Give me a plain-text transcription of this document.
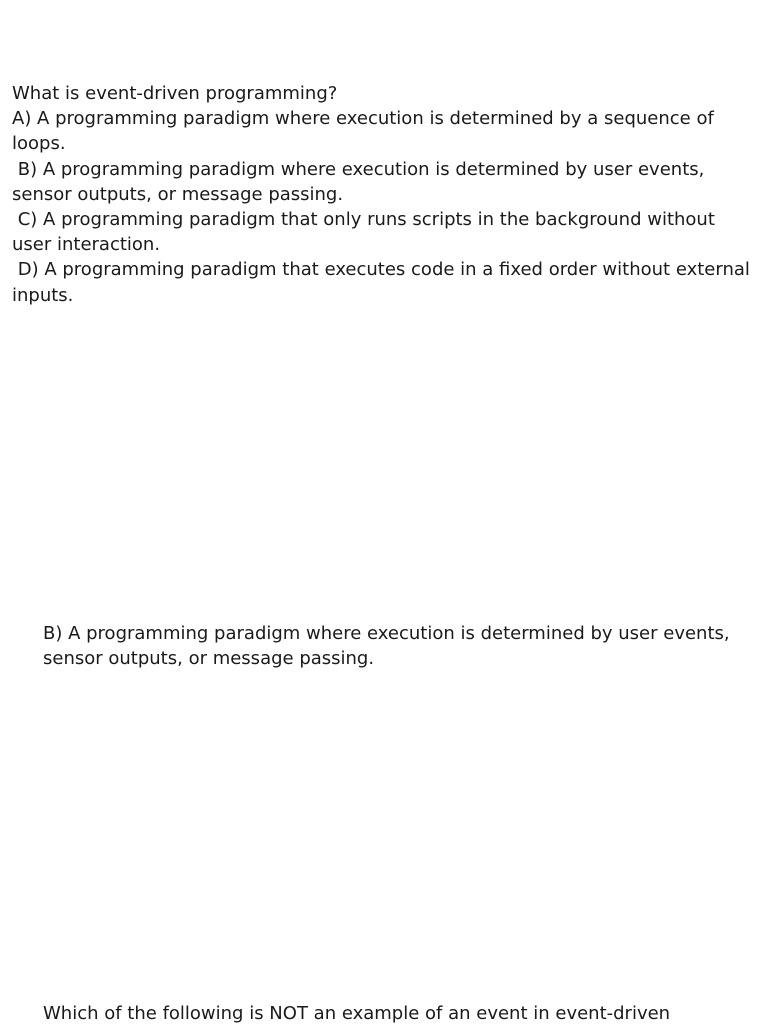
What is event-driven programming?

A) A programming paradigm where execution is determined by a sequence of loops.

B) A programming paradigm where execution is determined by user events, sensor outputs, or message passing.

C) A programming paradigm that only runs scripts in the background without user interaction.

D) A programming paradigm that executes code in a fixed order without external inputs.

B) A programming paradigm where execution is determined by user events, sensor outputs, or message passing.

Which of the following is NOT an example of an event in event-driven
